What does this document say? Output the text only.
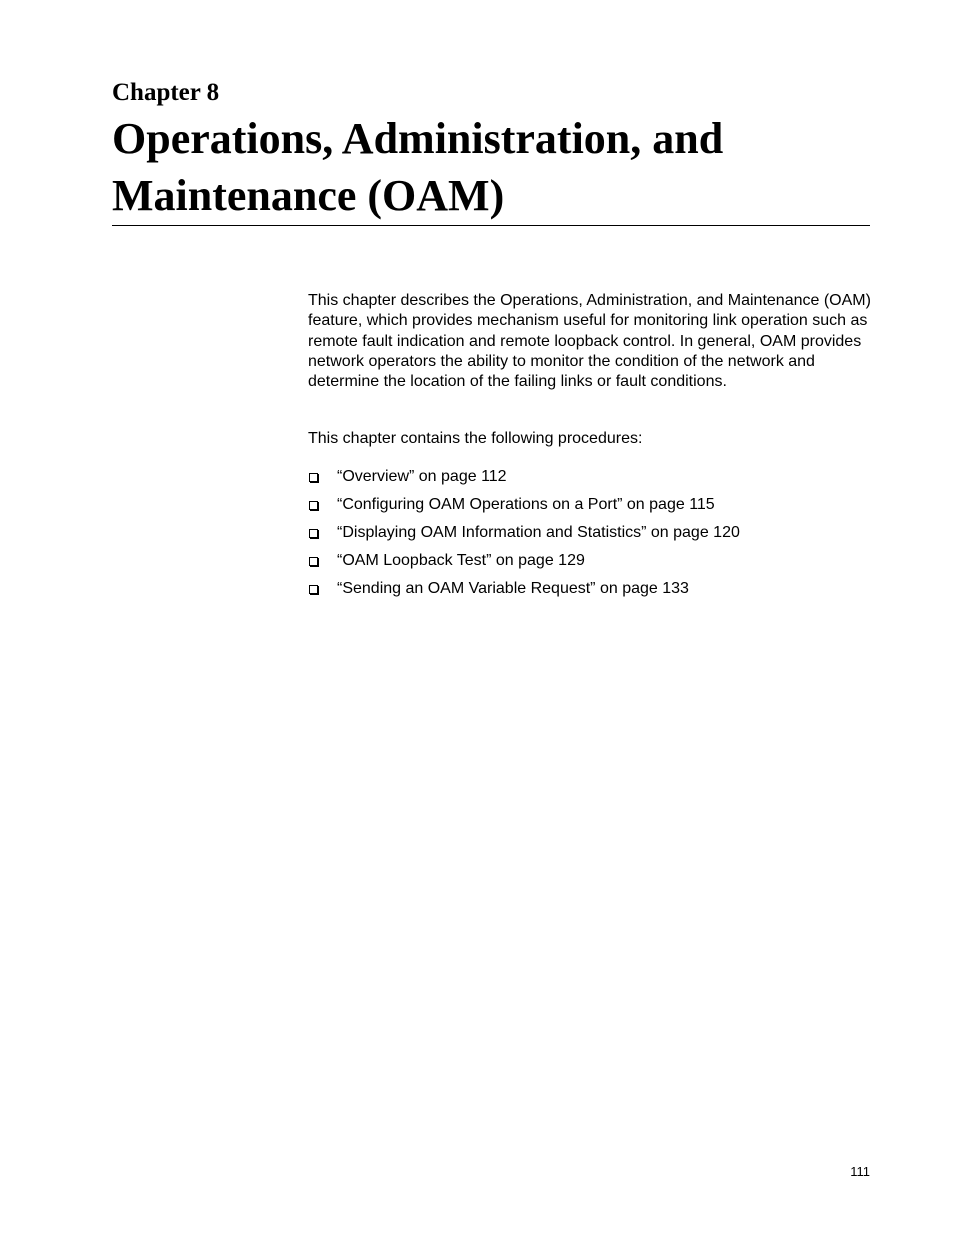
Chapter 8
Operations, Administration, and Maintenance (OAM)

This chapter describes the Operations, Administration, and Maintenance (OAM) feature, which provides mechanism useful for monitoring link operation such as remote fault indication and remote loopback control. In general, OAM provides network operators the ability to monitor the condition of the network and determine the location of the failing links or fault conditions.

This chapter contains the following procedures:

“Overview” on page 112
“Configuring OAM Operations on a Port” on page 115
“Displaying OAM Information and Statistics” on page 120
“OAM Loopback Test” on page 129
“Sending an OAM Variable Request” on page 133
111
